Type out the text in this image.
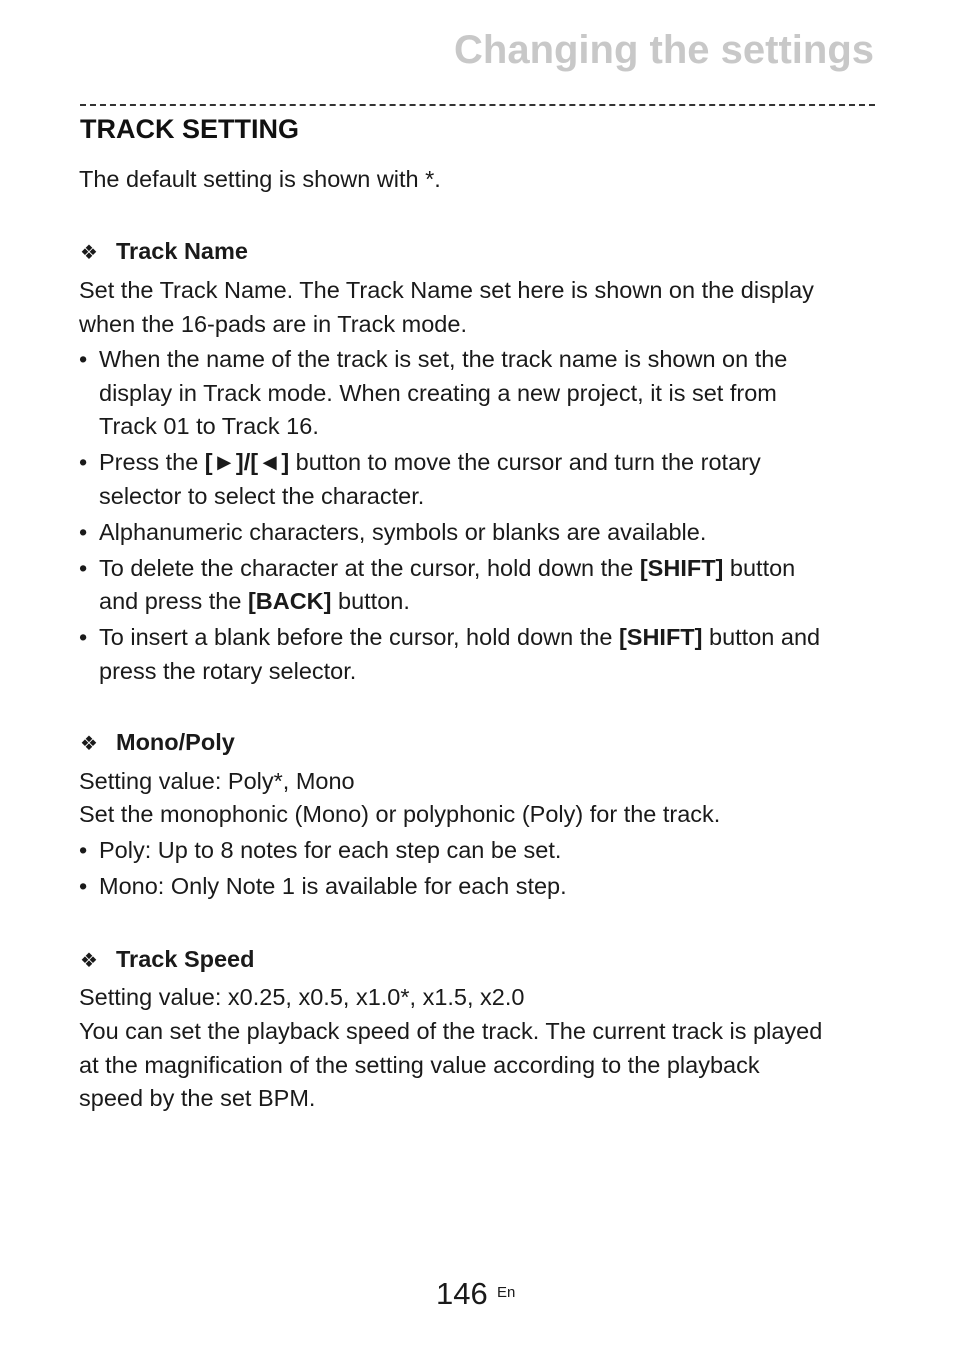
Changing the settings
TRACK SETTING

The default setting is shown with *.

❖ Track Name

Set the Track Name. The Track Name set here is shown on the display
when the 16-pads are in Track mode.

• When the name of the track is set, the track name is shown on the
display in Track mode. When creating a new project, it is set from
Track 01 to Track 16.
• Press the [►]/[◄] button to move the cursor and turn the rotary
selector to select the character.
• Alphanumeric characters, symbols or blanks are available.
• To delete the character at the cursor, hold down the [SHIFT] button
and press the [BACK] button.
• To insert a blank before the cursor, hold down the [SHIFT] button and
press the rotary selector.
❖ Mono/Poly

Setting value: Poly*, Mono

Set the monophonic (Mono) or polyphonic (Poly) for the track.

• Poly: Up to 8 notes for each step can be set.
• Mono: Only Note 1 is available for each step.
❖ Track Speed

Setting value: x0.25, x0.5, x1.0*, x1.5, x2.0

You can set the playback speed of the track. The current track is played
at the magnification of the setting value according to the playback
speed by the set BPM.

146 En
